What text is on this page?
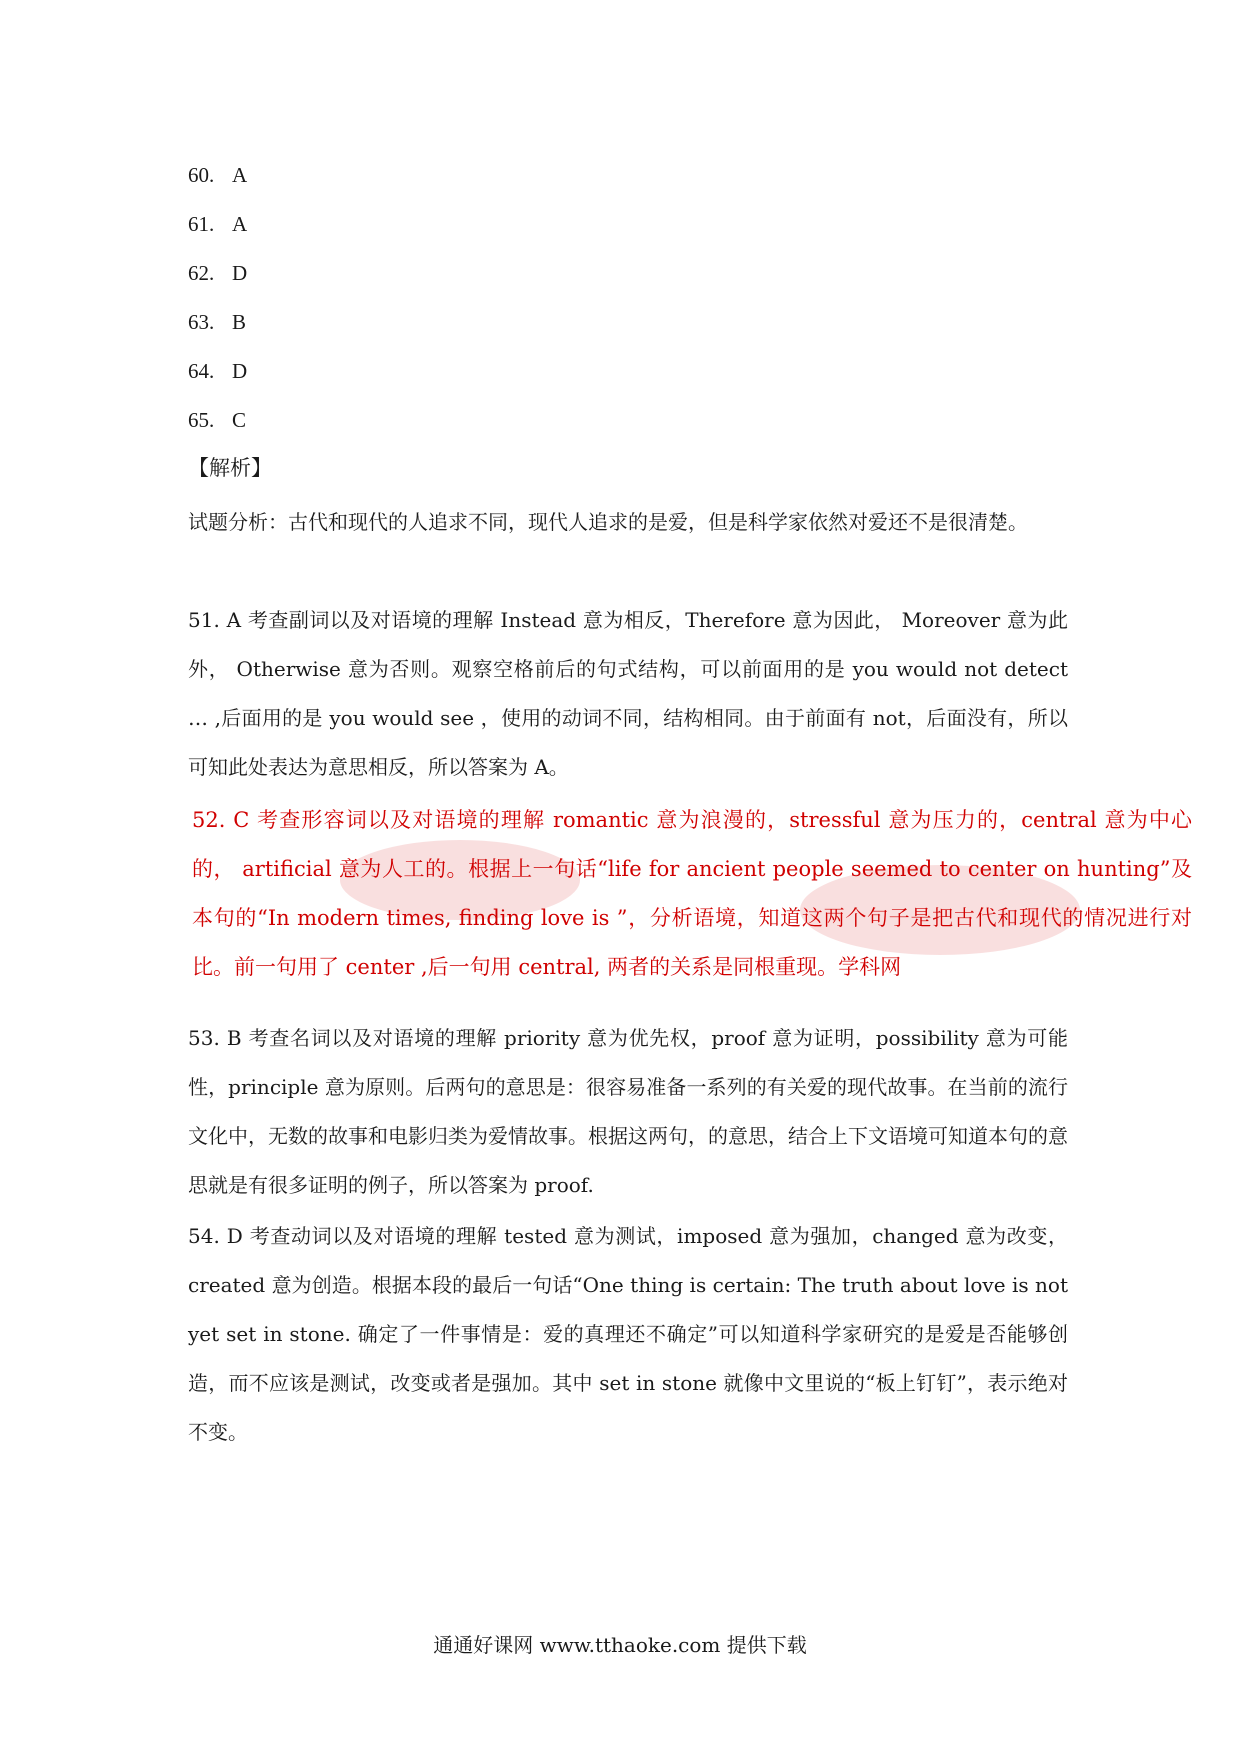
60. A
61. A
62. D
63. B
64. D
65. C
【解析】

试题分析：古代和现代的人追求不同，现代人追求的是爱，但是科学家依然对爱还不是很清楚。

51. A 考查副词以及对语境的理解 Instead 意为相反，Therefore 意为因此， Moreover 意为此外， Otherwise 意为否则。观察空格前后的句式结构，可以前面用的是 you would not detect … ,后面用的是 you would see ，使用的动词不同，结构相同。由于前面有 not，后面没有，所以可知此处表达为意思相反，所以答案为 A。

52. C 考查形容词以及对语境的理解 romantic 意为浪漫的，stressful 意为压力的，central 意为中心的， artificial 意为人工的。根据上一句话“life for ancient people seemed to center on hunting”及本句的“In modern times, finding love is ”，分析语境，知道这两个句子是把古代和现代的情况进行对比。前一句用了 center ,后一句用 central, 两者的关系是同根重现。学科网

53. B 考查名词以及对语境的理解 priority 意为优先权，proof 意为证明，possibility 意为可能性，principle 意为原则。后两句的意思是：很容易准备一系列的有关爱的现代故事。在当前的流行文化中，无数的故事和电影归类为爱情故事。根据这两句，的意思，结合上下文语境可知道本句的意思就是有很多证明的例子，所以答案为 proof.

54. D 考查动词以及对语境的理解 tested 意为测试，imposed 意为强加，changed 意为改变，created 意为创造。根据本段的最后一句话“One thing is certain: The truth about love is not yet set in stone. 确定了一件事情是：爱的真理还不确定”可以知道科学家研究的是爱是否能够创造，而不应该是测试，改变或者是强加。其中 set in stone 就像中文里说的“板上钉钉”，表示绝对不变。

通通好课网 www.tthaoke.com 提供下载
